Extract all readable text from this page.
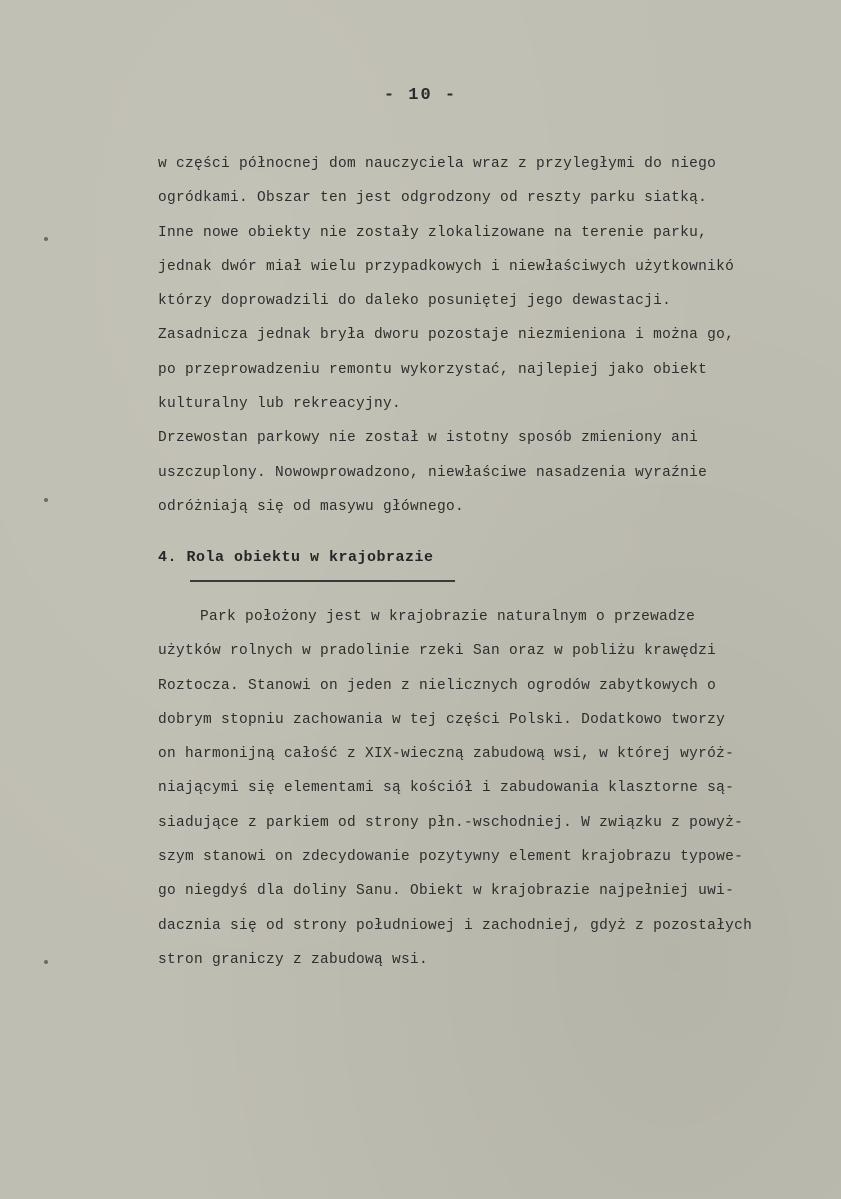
- 10 -
w części północnej dom nauczyciela wraz z przyległymi do niego
ogródkami. Obszar ten jest odgrodzony od reszty parku siatką.
Inne nowe obiekty nie zostały zlokalizowane na terenie parku,
jednak dwór miał wielu przypadkowych i niewłaściwych użytkownikó
którzy doprowadzili do daleko posuniętej jego dewastacji.
Zasadnicza jednak bryła dworu pozostaje niezmieniona i można go,
po przeprowadzeniu remontu wykorzystać, najlepiej jako obiekt
kulturalny lub rekreacyjny.
Drzewostan parkowy nie został w istotny sposób zmieniony ani
uszczuplony. Nowowprowadzono, niewłaściwe nasadzenia wyraźnie
odróżniają się od masywu głównego.
4. Rola obiektu w krajobrazie
Park położony jest w krajobrazie naturalnym o przewadze
użytków rolnych w pradolinie rzeki San oraz w pobliżu krawędzi
Roztocza. Stanowi on jeden z nielicznych ogrodów zabytkowych o
dobrym stopniu zachowania w tej części Polski. Dodatkowo tworzy
on harmonijną całość z XIX-wieczną zabudową wsi, w której wyróż-
niającymi się elementami są kościół i zabudowania klasztorne są-
siadujące z parkiem od strony płn.-wschodniej. W związku z powyż-
szym stanowi on zdecydowanie pozytywny element krajobrazu typowe-
go niegdyś dla doliny Sanu. Obiekt w krajobrazie najpełniej uwi-
dacznia się od strony południowej i zachodniej, gdyż z pozostałych
stron graniczy z zabudową wsi.
